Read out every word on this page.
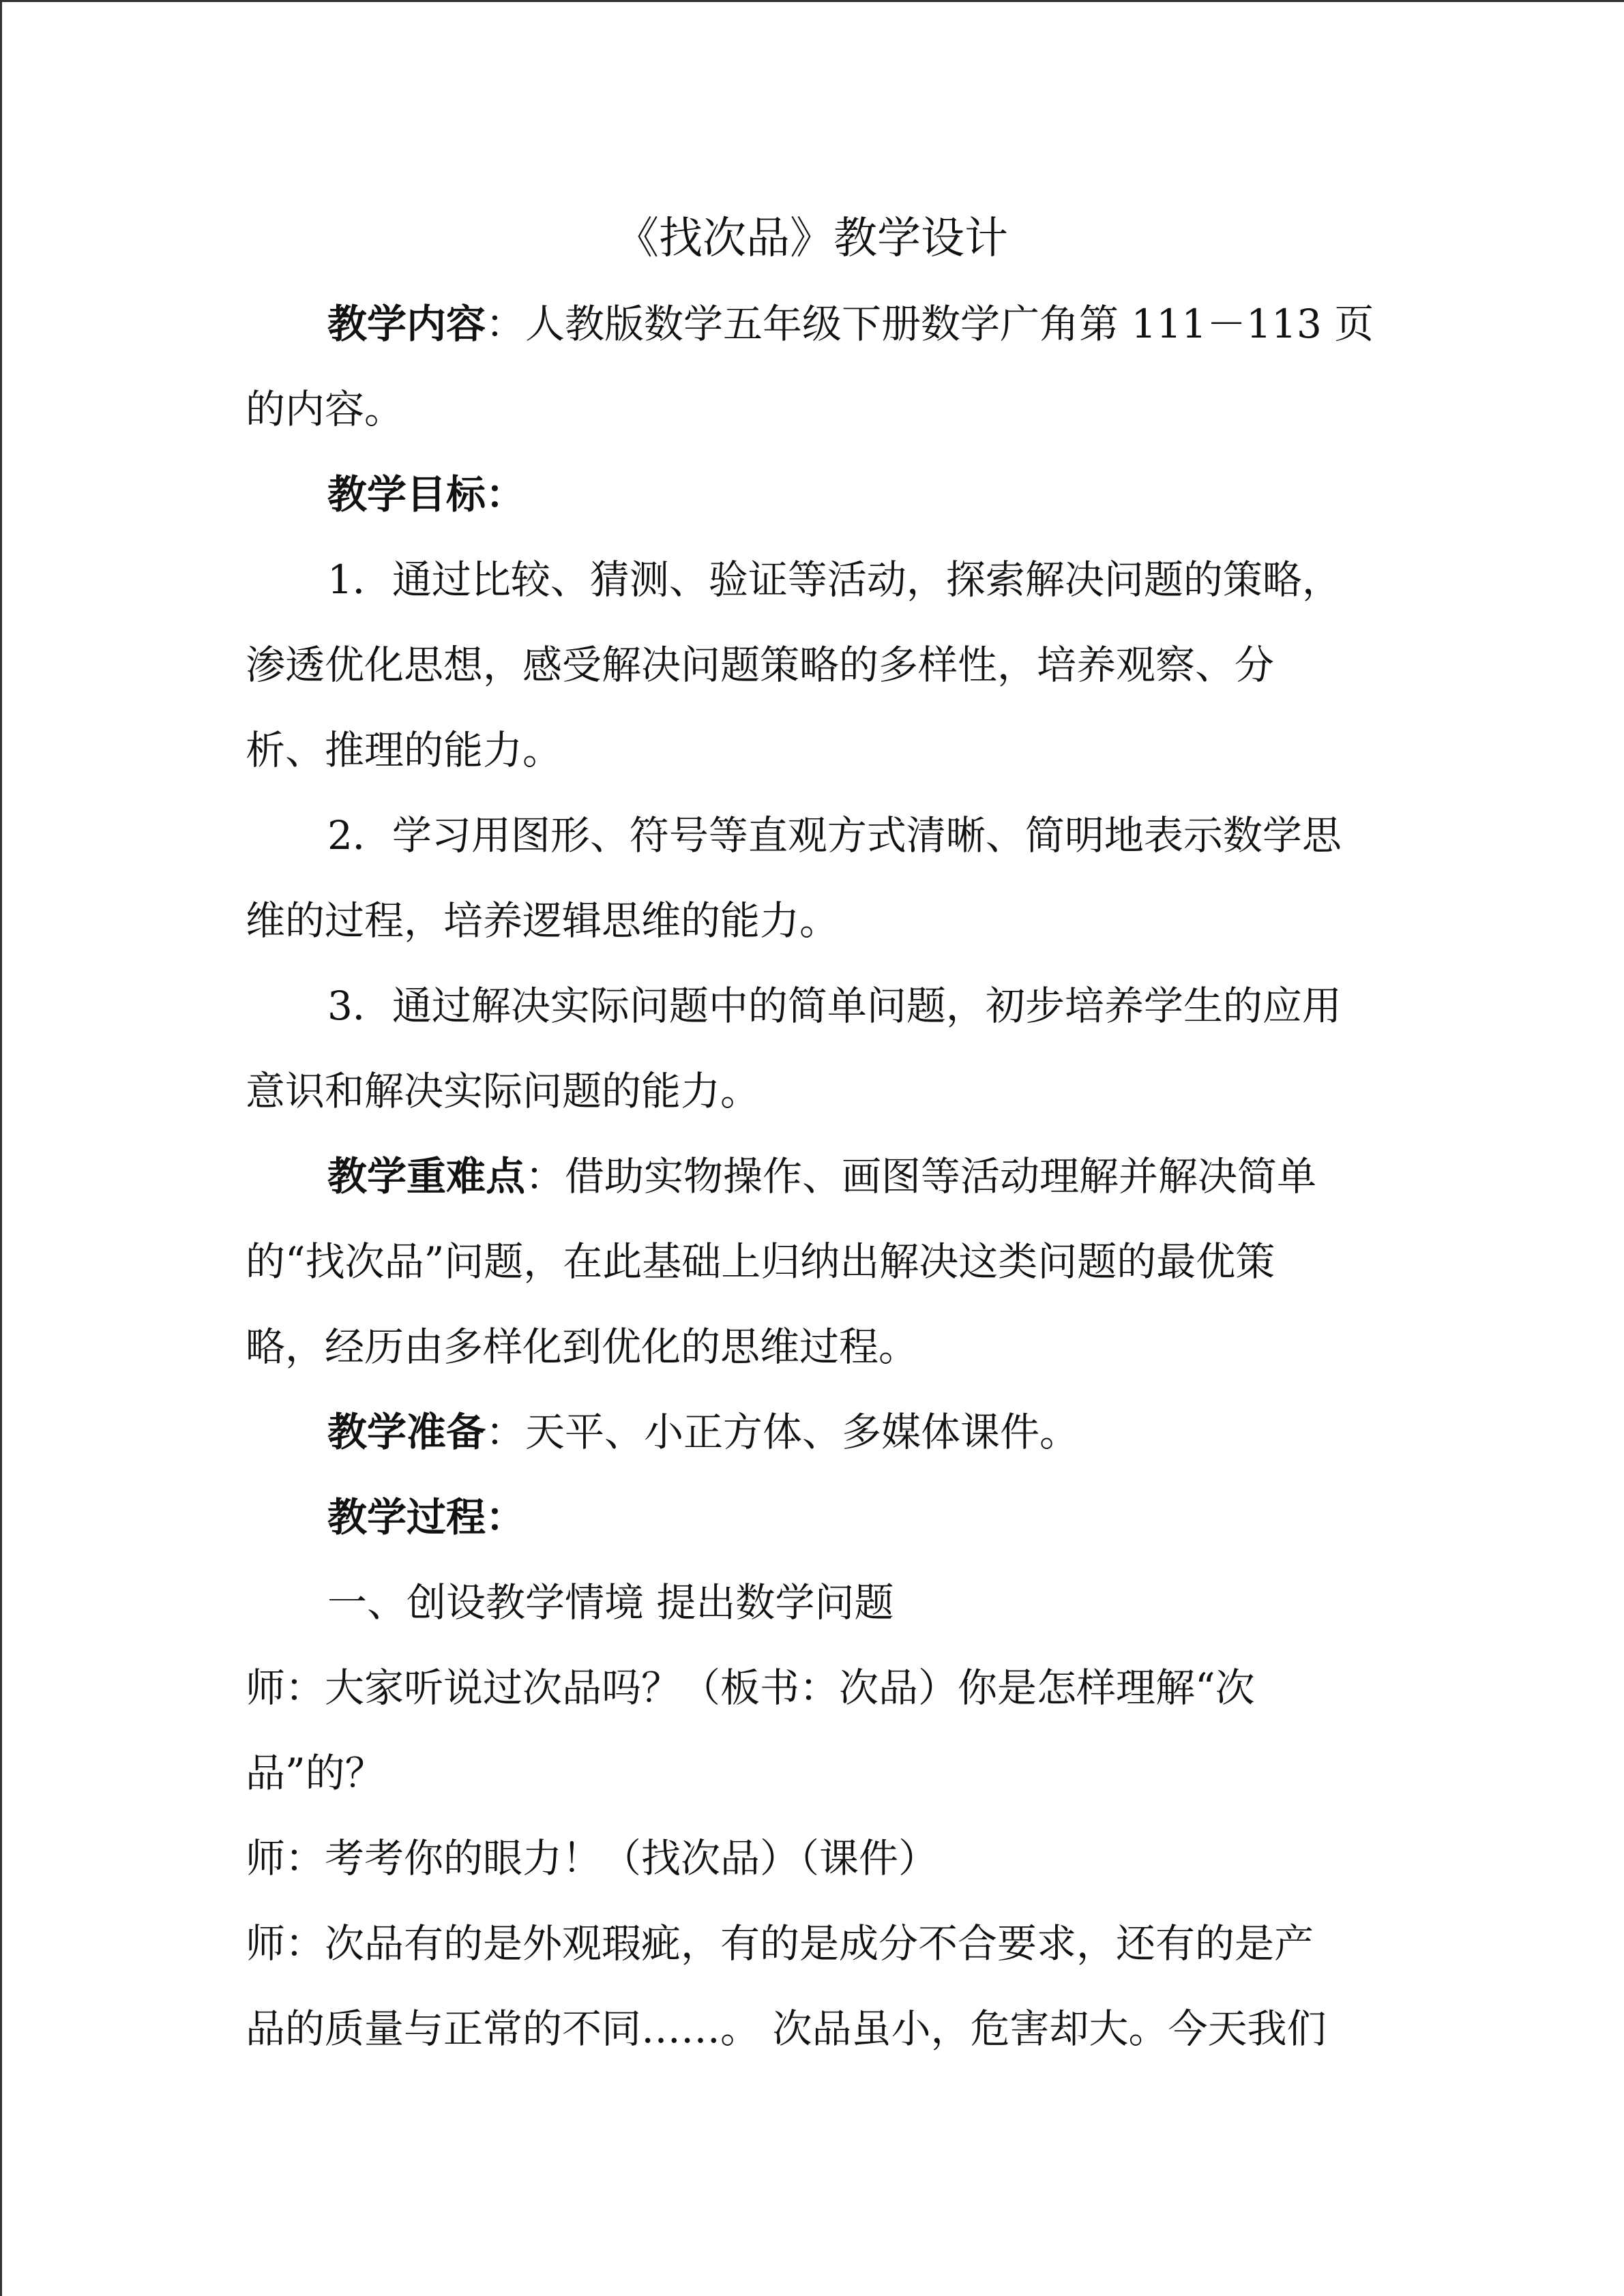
《找次品》教学设计
教学内容：人教版数学五年级下册数学广角第 111－113 页
的内容。
教学目标：
1．通过比较、猜测、验证等活动，探索解决问题的策略，
渗透优化思想，感受解决问题策略的多样性，培养观察、分
析、推理的能力。
2．学习用图形、符号等直观方式清晰、简明地表示数学思
维的过程，培养逻辑思维的能力。
3．通过解决实际问题中的简单问题，初步培养学生的应用
意识和解决实际问题的能力。
教学重难点：借助实物操作、画图等活动理解并解决简单
的“找次品”问题，在此基础上归纳出解决这类问题的最优策
略，经历由多样化到优化的思维过程。
教学准备：天平、小正方体、多媒体课件。
教学过程：
一、创设教学情境 提出数学问题
师：大家听说过次品吗？（板书：次品）你是怎样理解“次
品”的？
师：考考你的眼力！（找次品）（课件）
师：次品有的是外观瑕疵，有的是成分不合要求，还有的是产
品的质量与正常的不同……。 次品虽小，危害却大。今天我们
